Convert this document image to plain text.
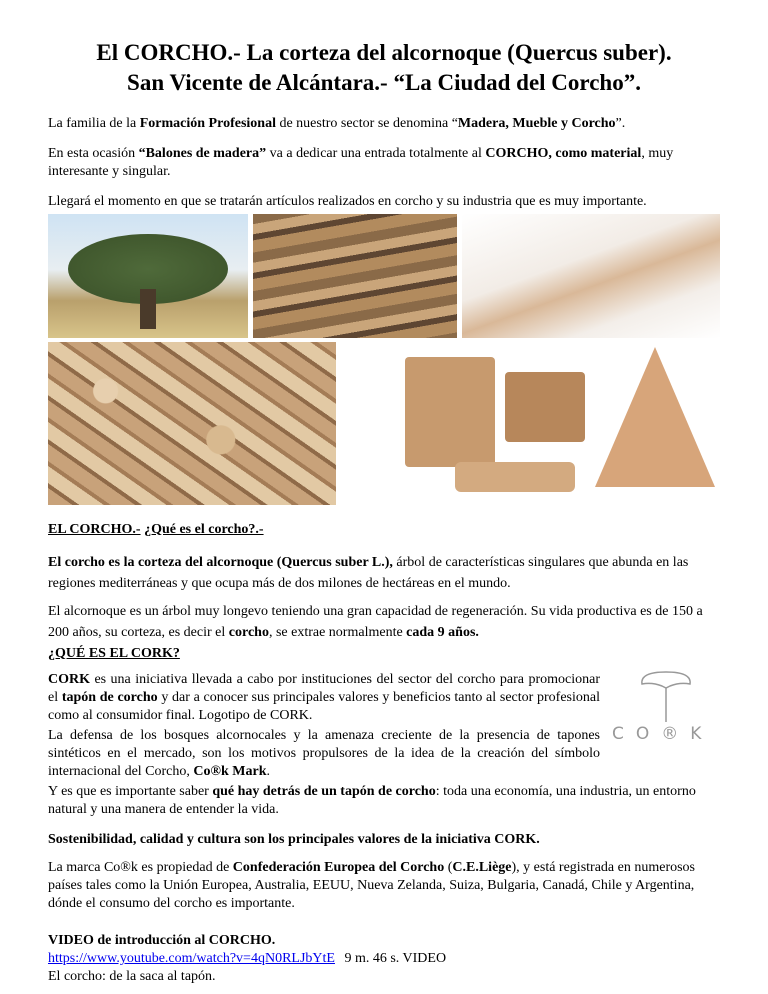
El CORCHO.- La corteza del alcornoque (Quercus suber).
San Vicente de Alcántara.- “La Ciudad del Corcho”.

La familia de la Formación Profesional de nuestro sector se denomina “Madera, Mueble y Corcho”.

En esta ocasión “Balones de madera” va a dedicar una entrada totalmente al CORCHO, como material, muy interesante y singular.

Llegará el momento en que se tratarán artículos realizados en corcho y su industria que es muy importante.

EL CORCHO.- ¿Qué es el corcho?.-

El corcho es la corteza del alcornoque (Quercus suber L.), árbol de características singulares que abunda en las regiones mediterráneas y que ocupa más de dos milones de hectáreas en el mundo.

El alcornoque es un árbol muy longevo teniendo una gran capacidad de regeneración. Su vida productiva es de 150 a 200 años, su corteza, es decir el corcho, se extrae normalmente cada 9 años.

¿QUÉ ES EL CORK?

CORK es una iniciativa llevada a cabo por instituciones del sector del corcho para promocionar el tapón de corcho y dar a conocer sus principales valores y beneficios tanto al sector profesional como al consumidor final. Logotipo de CORK.

La defensa de los bosques alcornocales y la amenaza creciente de la presencia de tapones sintéticos en el mercado, son los motivos propulsores de la idea de la creación del símbolo internacional del Corcho, Co®k Mark.

CO®K

Y es que es importante saber qué hay detrás de un tapón de corcho: toda una economía, una industria, un entorno natural y una manera de entender la vida.

Sostenibilidad, calidad y cultura son los principales valores de la iniciativa CORK.

La marca Co®k es propiedad de Confederación Europea del Corcho (C.E.Liège), y está registrada en numerosos países tales como la Unión Europea, Australia, EEUU, Nueva Zelanda, Suiza, Bulgaria, Canadá, Chile y Argentina, dónde el consumo del corcho es importante.

VIDEO de introducción al CORCHO.

https://www.youtube.com/watch?v=4qN0RLJbYtE 9 m. 46 s. VIDEO

El corcho: de la saca al tapón.
